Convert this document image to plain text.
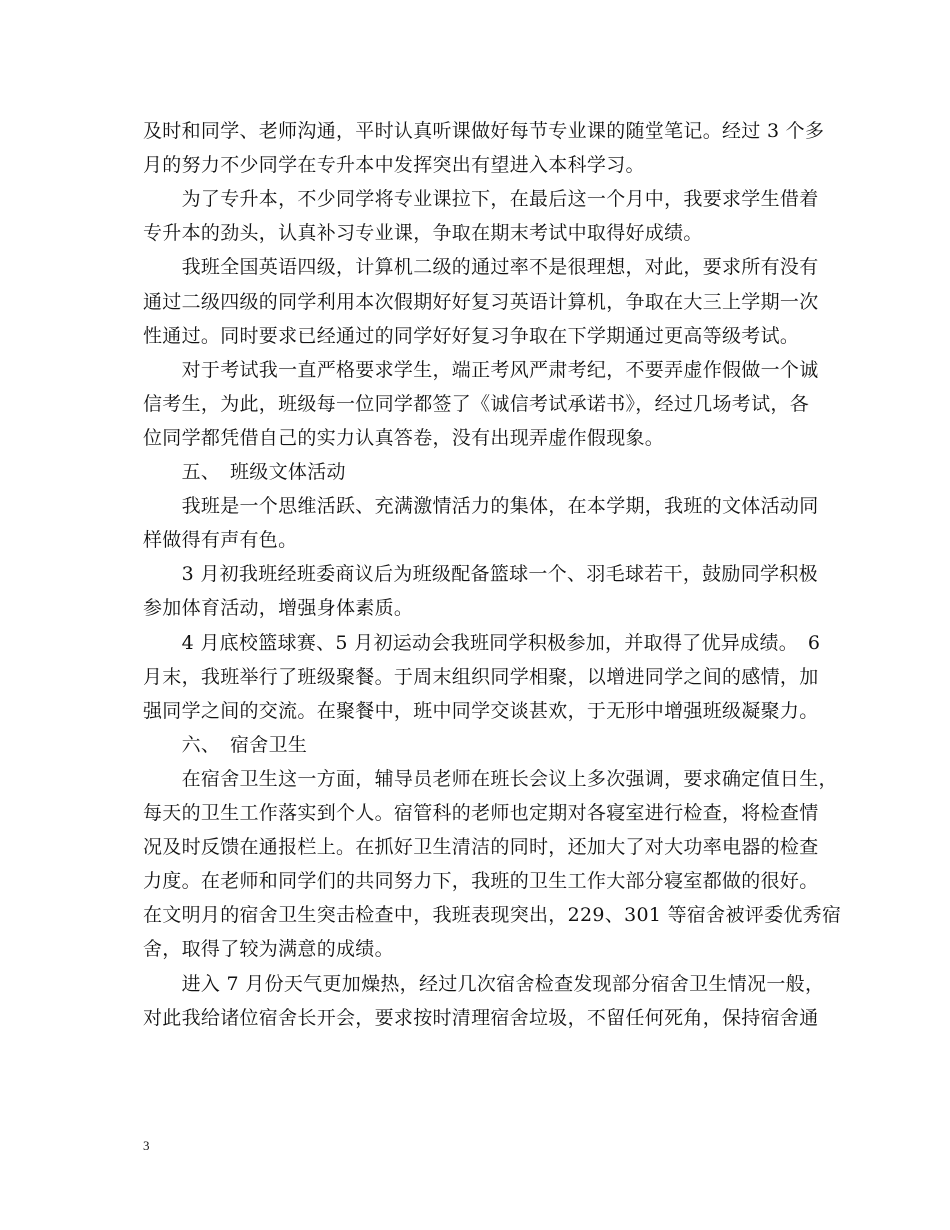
及时和同学、老师沟通，平时认真听课做好每节专业课的随堂笔记。经过 3 个多
月的努力不少同学在专升本中发挥突出有望进入本科学习。
　　为了专升本，不少同学将专业课拉下，在最后这一个月中，我要求学生借着
专升本的劲头，认真补习专业课，争取在期末考试中取得好成绩。
　　我班全国英语四级，计算机二级的通过率不是很理想，对此，要求所有没有
通过二级四级的同学利用本次假期好好复习英语计算机，争取在大三上学期一次
性通过。同时要求已经通过的同学好好复习争取在下学期通过更高等级考试。
　　对于考试我一直严格要求学生，端正考风严肃考纪，不要弄虚作假做一个诚
信考生，为此，班级每一位同学都签了《诚信考试承诺书》，经过几场考试，各
位同学都凭借自己的实力认真答卷，没有出现弄虚作假现象。
　　五、　班级文体活动
　　我班是一个思维活跃、充满激情活力的集体，在本学期，我班的文体活动同
样做得有声有色。
　　3 月初我班经班委商议后为班级配备篮球一个、羽毛球若干，鼓励同学积极
参加体育活动，增强身体素质。
　　4 月底校篮球赛、5 月初运动会我班同学积极参加，并取得了优异成绩。　6
月末，我班举行了班级聚餐。于周末组织同学相聚，以增进同学之间的感情，加
强同学之间的交流。在聚餐中，班中同学交谈甚欢，于无形中增强班级凝聚力。
　　六、　宿舍卫生
　　在宿舍卫生这一方面，辅导员老师在班长会议上多次强调，要求确定值日生，
每天的卫生工作落实到个人。宿管科的老师也定期对各寝室进行检查，将检查情
况及时反馈在通报栏上。在抓好卫生清洁的同时，还加大了对大功率电器的检查
力度。在老师和同学们的共同努力下，我班的卫生工作大部分寝室都做的很好。
在文明月的宿舍卫生突击检查中，我班表现突出，229、301 等宿舍被评委优秀宿
舍，取得了较为满意的成绩。
　　进入 7 月份天气更加燥热，经过几次宿舍检查发现部分宿舍卫生情况一般，
对此我给诸位宿舍长开会，要求按时清理宿舍垃圾，不留任何死角，保持宿舍通
3
